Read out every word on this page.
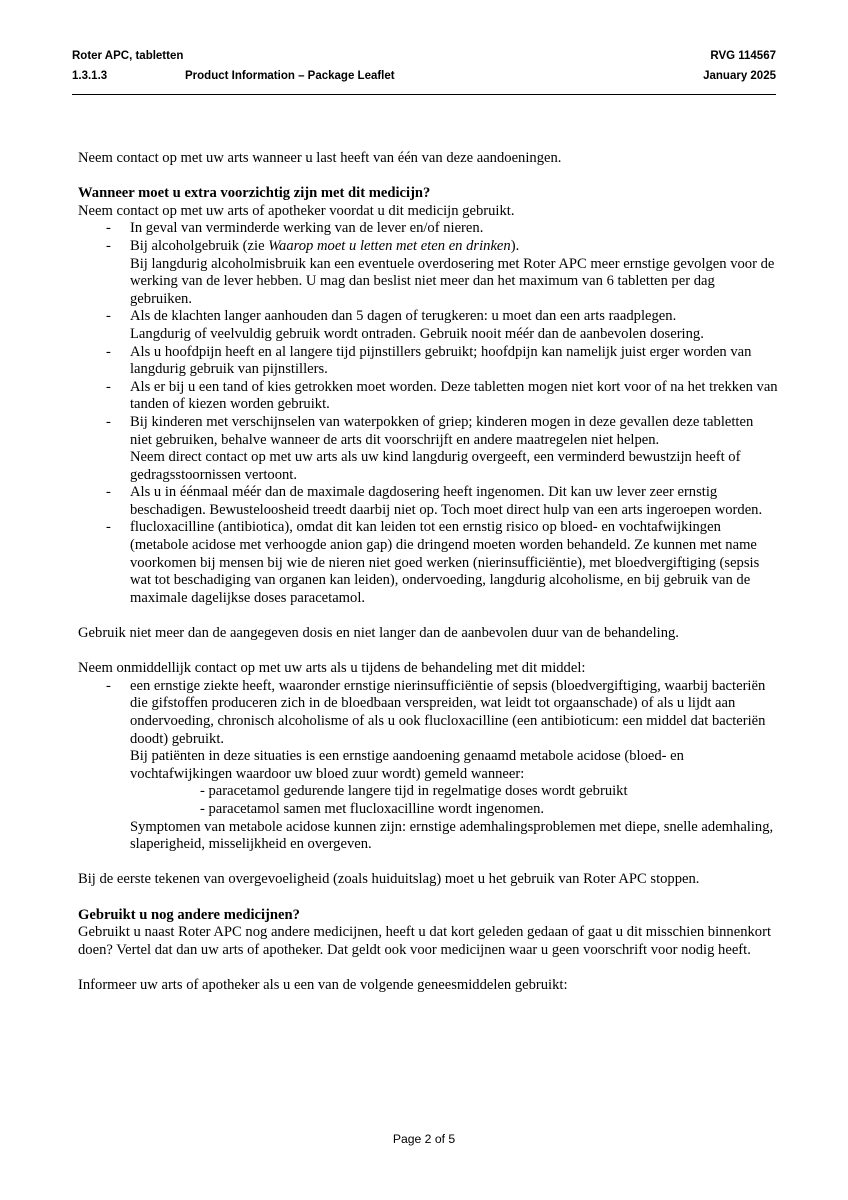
Roter APC, tabletten	RVG 114567
1.3.1.3	Product Information – Package Leaflet	January 2025

Neem contact op met uw arts wanneer u last heeft van één van deze aandoeningen.

Wanneer moet u extra voorzichtig zijn met dit medicijn?

Neem contact op met uw arts of apotheker voordat u dit medicijn gebruikt.

-	In geval van verminderde werking van de lever en/of nieren.
-	Bij alcoholgebruik (zie Waarop moet u letten met eten en drinken).

Bij langdurig alcoholmisbruik kan een eventuele overdosering met Roter APC meer ernstige gevolgen voor de werking van de lever hebben. U mag dan beslist niet meer dan het maximum van 6 tabletten per dag gebruiken.

-	Als de klachten langer aanhouden dan 5 dagen of terugkeren: u moet dan een arts raadplegen.

Langdurig of veelvuldig gebruik wordt ontraden. Gebruik nooit méér dan de aanbevolen dosering.

-	Als u hoofdpijn heeft en al langere tijd pijnstillers gebruikt; hoofdpijn kan namelijk juist erger worden van langdurig gebruik van pijnstillers.
-	Als er bij u een tand of kies getrokken moet worden. Deze tabletten mogen niet kort voor of na het trekken van tanden of kiezen worden gebruikt.
-	Bij kinderen met verschijnselen van waterpokken of griep; kinderen mogen in deze gevallen deze tabletten niet gebruiken, behalve wanneer de arts dit voorschrijft en andere maatregelen niet helpen.

Neem direct contact op met uw arts als uw kind langdurig overgeeft, een verminderd bewustzijn heeft of gedragsstoornissen vertoont.

-	Als u in éénmaal méér dan de maximale dagdosering heeft ingenomen. Dit kan uw lever zeer ernstig beschadigen. Bewusteloosheid treedt daarbij niet op. Toch moet direct hulp van een arts ingeroepen worden.
-	flucloxacilline (antibiotica), omdat dit kan leiden tot een ernstig risico op bloed- en vochtafwijkingen (metabole acidose met verhoogde anion gap) die dringend moeten worden behandeld. Ze kunnen met name voorkomen bij mensen bij wie de nieren niet goed werken (nierinsufficiëntie), met bloedvergiftiging (sepsis wat tot beschadiging van organen kan leiden), ondervoeding, langdurig alcoholisme, en bij gebruik van de maximale dagelijkse doses paracetamol.

Gebruik niet meer dan de aangegeven dosis en niet langer dan de aanbevolen duur van de behandeling.

Neem onmiddellijk contact op met uw arts als u tijdens de behandeling met dit middel:

-	een ernstige ziekte heeft, waaronder ernstige nierinsufficiëntie of sepsis (bloedvergiftiging, waarbij bacteriën die gifstoffen produceren zich in de bloedbaan verspreiden, wat leidt tot orgaanschade) of als u lijdt aan ondervoeding, chronisch alcoholisme of als u ook flucloxacilline (een antibioticum: een middel dat bacteriën doodt) gebruikt.

Bij patiënten in deze situaties is een ernstige aandoening genaamd metabole acidose (bloed- en vochtafwijkingen waardoor uw bloed zuur wordt) gemeld wanneer:

- paracetamol gedurende langere tijd in regelmatige doses wordt gebruikt

- paracetamol samen met flucloxacilline wordt ingenomen.

Symptomen van metabole acidose kunnen zijn: ernstige ademhalingsproblemen met diepe, snelle ademhaling, slaperigheid, misselijkheid en overgeven.

Bij de eerste tekenen van overgevoeligheid (zoals huiduitslag) moet u het gebruik van Roter APC stoppen.

Gebruikt u nog andere medicijnen?

Gebruikt u naast Roter APC nog andere medicijnen, heeft u dat kort geleden gedaan of gaat u dit misschien binnenkort doen? Vertel dat dan uw arts of apotheker. Dat geldt ook voor medicijnen waar u geen voorschrift voor nodig heeft.

Informeer uw arts of apotheker als u een van de volgende geneesmiddelen gebruikt:

Page 2 of 5
